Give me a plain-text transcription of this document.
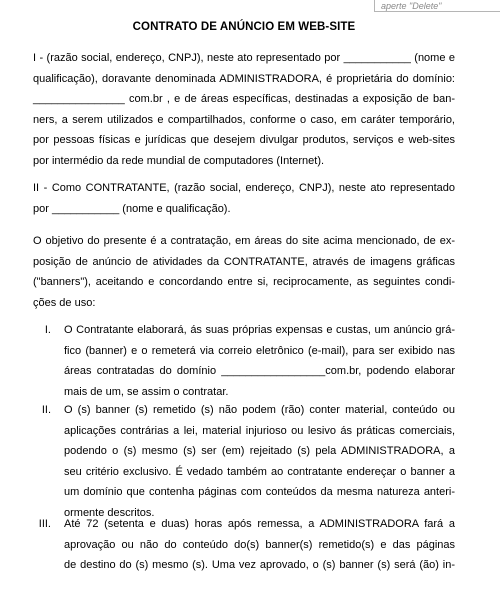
aperte "Delete"
CONTRATO DE ANÚNCIO EM WEB-SITE
I - (razão social, endereço, CNPJ), neste ato representado por ___________ (nome e
qualificação), doravante denominada ADMINISTRADORA, é proprietária do domínio:
_______________ com.br , e de áreas específicas, destinadas a exposição de ban-
ners, a serem utilizados e compartilhados, conforme o caso, em caráter temporário,
por pessoas físicas e jurídicas que desejem divulgar produtos, serviços e web-sites
por intermédio da rede mundial de computadores (Internet).
II - Como CONTRATANTE, (razão social, endereço, CNPJ), neste ato representado
por ___________ (nome e qualificação).
O objetivo do presente é a contratação, em áreas do site acima mencionado, de ex-
posição de anúncio de atividades da CONTRATANTE, através de imagens gráficas
("banners"), aceitando e concordando entre si, reciprocamente, as seguintes condi-
ções de uso:
I. O Contratante elaborará, ás suas próprias expensas e custas, um anúncio grá-
fico (banner) e o remeterá via correio eletrônico (e-mail), para ser exibido nas
áreas contratadas do domínio _________________com.br, podendo elaborar
mais de um, se assim o contratar.
II. O (s) banner (s) remetido (s) não podem (rão) conter material, conteúdo ou
aplicações contrárias a lei, material injurioso ou lesivo ás práticas comerciais,
podendo o (s) mesmo (s) ser (em) rejeitado (s) pela ADMINISTRADORA, a
seu critério exclusivo. É vedado também ao contratante endereçar o banner a
um domínio que contenha páginas com conteúdos da mesma natureza anteri-
ormente descritos.
III. Até 72 (setenta e duas) horas após remessa, a ADMINISTRADORA fará a
aprovação ou não do conteúdo do(s) banner(s) remetido(s) e das páginas
de destino do (s) mesmo (s). Uma vez aprovado, o (s) banner (s) será (ão) in-
